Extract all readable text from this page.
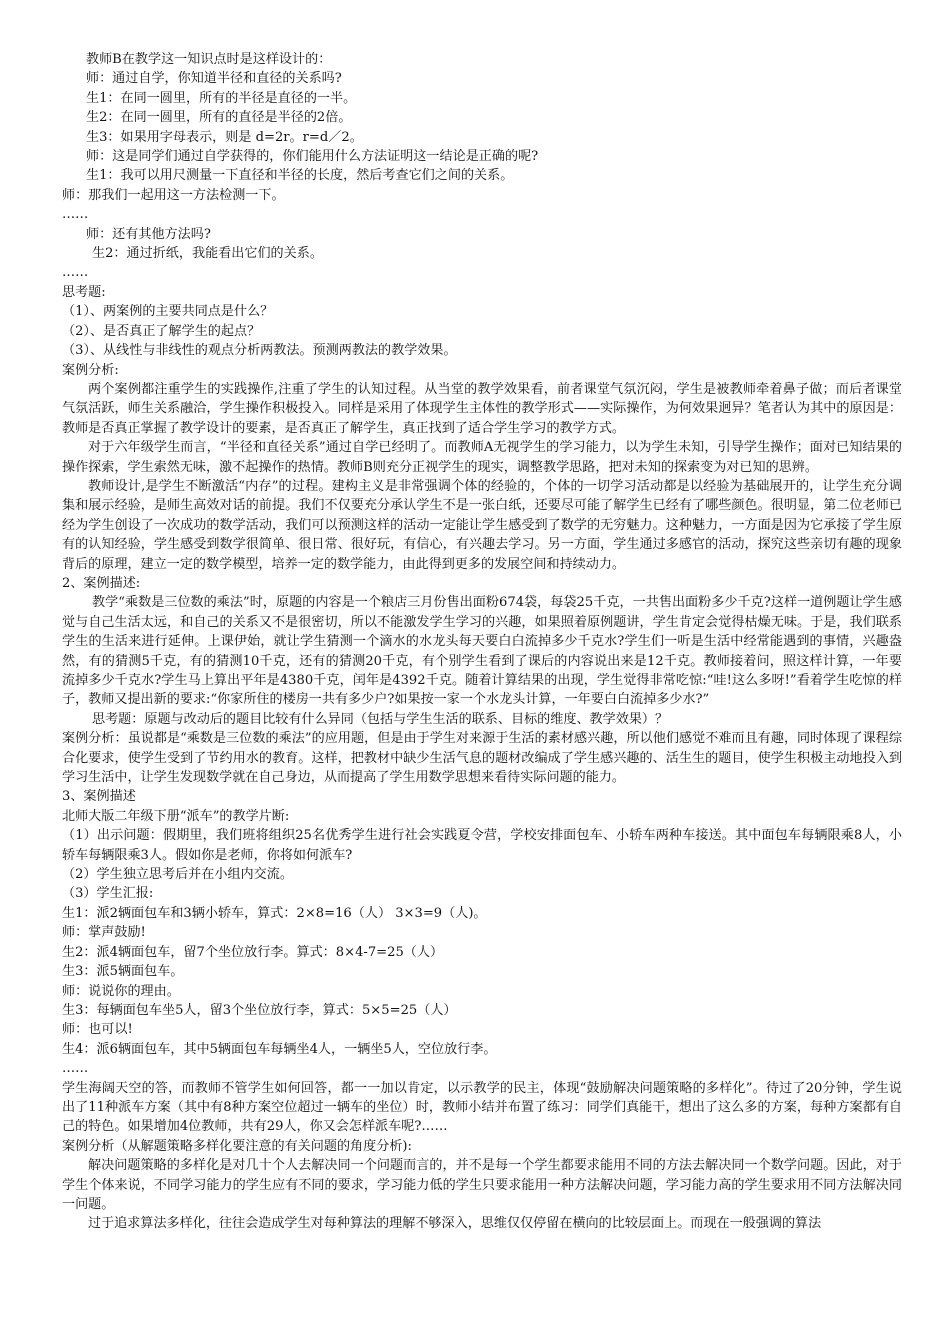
教师B在教学这一知识点时是这样设计的：

师：通过自学，你知道半径和直径的关系吗?

生1：在同一圆里，所有的半径是直径的一半。

生2：在同一圆里，所有的直径是半径的2倍。

生3：如果用字母表示，则是 d=2r。r=d／2。

师：这是同学们通过自学获得的，你们能用什么方法证明这一结论是正确的呢?

生1：我可以用尺测量一下直径和半径的长度，然后考查它们之间的关系。

师：那我们一起用这一方法检测一下。

……

师：还有其他方法吗?

生2：通过折纸，我能看出它们的关系。

……

思考题:

（1）、两案例的主要共同点是什么？

（2）、是否真正了解学生的起点？

（3）、从线性与非线性的观点分析两教法。预测两教法的教学效果。

案例分析:

两个案例都注重学生的实践操作,注重了学生的认知过程。从当堂的教学效果看，前者课堂气氛沉闷，学生是被教师牵着鼻子做；而后者课堂气氛活跃，师生关系融洽，学生操作积极投入。同样是采用了体现学生主体性的教学形式——实际操作，为何效果迥异？笔者认为其中的原因是：教师是否真正掌握了教学设计的要素，是否真正了解学生，真正找到了适合学生学习的教学方式。

对于六年级学生而言，“半径和直径关系”通过自学已经明了。而教师A无视学生的学习能力，以为学生未知，引导学生操作；面对已知结果的操作探索，学生索然无味，激不起操作的热情。教师B则充分正视学生的现实，调整教学思路，把对未知的探索变为对已知的思辨。

教师设计,是学生不断激活“内存”的过程。建构主义是非常强调个体的经验的，个体的一切学习活动都是以经验为基础展开的，让学生充分调集和展示经验，是师生高效对话的前提。我们不仅要充分承认学生不是一张白纸，还要尽可能了解学生已经有了哪些颜色。很明显，第二位老师已经为学生创设了一次成功的数学活动，我们可以预测这样的活动一定能让学生感受到了数学的无穷魅力。这种魅力，一方面是因为它承接了学生原有的认知经验，学生感受到数学很简单、很日常、很好玩，有信心，有兴趣去学习。另一方面，学生通过多感官的活动，探究这些亲切有趣的现象背后的原理，建立一定的数学模型，培养一定的数学能力，由此得到更多的发展空间和持续动力。

2、案例描述:

教学“乘数是三位数的乘法”时，原题的内容是一个粮店三月份售出面粉674袋，每袋25千克，一共售出面粉多少千克?这样一道例题让学生感觉与自己生活太远，和自己的关系又不是很密切，所以不能激发学生学习的兴趣，如果照着原例题讲，学生肯定会觉得枯燥无味。于是，我们联系学生的生活来进行延伸。上课伊始，就让学生猜测一个滴水的水龙头每天要白白流掉多少千克水?学生们一听是生活中经常能遇到的事情，兴趣盎然，有的猜测5千克，有的猜测10千克，还有的猜测20千克，有个别学生看到了课后的内容说出来是12千克。教师接着问，照这样计算，一年要流掉多少千克水?学生马上算出平年是4380千克，闰年是4392千克。随着计算结果的出现，学生觉得非常吃惊:“哇!这么多呀!”看着学生吃惊的样子，教师又提出新的要求:“你家所住的楼房一共有多少户?如果按一家一个水龙头计算，一年要白白流掉多少水?”

思考题：原题与改动后的题目比较有什么异同（包括与学生生活的联系、目标的维度、教学效果）？

案例分析：虽说都是“乘数是三位数的乘法”的应用题，但是由于学生对来源于生活的素材感兴趣，所以他们感觉不难而且有趣，同时体现了课程综合化要求，使学生受到了节约用水的教育。这样，把教材中缺少生活气息的题材改编成了学生感兴趣的、活生生的题目，使学生积极主动地投入到学习生活中，让学生发现数学就在自己身边，从而提高了学生用数学思想来看待实际问题的能力。

3、案例描述

北师大版二年级下册“派车”的教学片断:

（1）出示问题：假期里，我们班将组织25名优秀学生进行社会实践夏令营，学校安排面包车、小轿车两种车接送。其中面包车每辆限乘8人，小轿车每辆限乘3人。假如你是老师，你将如何派车?

（2）学生独立思考后并在小组内交流。

（3）学生汇报:

生1：派2辆面包车和3辆小轿车，算式：2×8=16（人） 3×3=9（人)。

师：掌声鼓励!

生2：派4辆面包车，留7个坐位放行李。算式：8×4-7=25（人）

生3：派5辆面包车。

师：说说你的理由。

生3：每辆面包车坐5人，留3个坐位放行李，算式：5×5=25（人）

师：也可以!

生4：派6辆面包车，其中5辆面包车每辆坐4人，一辆坐5人，空位放行李。

……

学生海阔天空的答，而教师不管学生如何回答，都一一加以肯定，以示教学的民主，体现“鼓励解决问题策略的多样化”。待过了20分钟，学生说出了11种派车方案（其中有8种方案空位超过一辆车的坐位）时，教师小结并布置了练习：同学们真能干，想出了这么多的方案，每种方案都有自己的特色。如果增加4位教师，共有29人，你又会怎样派车呢?……

案例分析（从解题策略多样化要注意的有关问题的角度分析):

解决问题策略的多样化是对几十个人去解决同一个问题而言的，并不是每一个学生都要求能用不同的方法去解决同一个数学问题。因此，对于学生个体来说，不同学习能力的学生应有不同的要求，学习能力低的学生只要求能用一种方法解决问题，学习能力高的学生要求用不同方法解决同一问题。

过于追求算法多样化，往往会造成学生对每种算法的理解不够深入，思维仅仅停留在横向的比较层面上。而现在一般强调的算法
